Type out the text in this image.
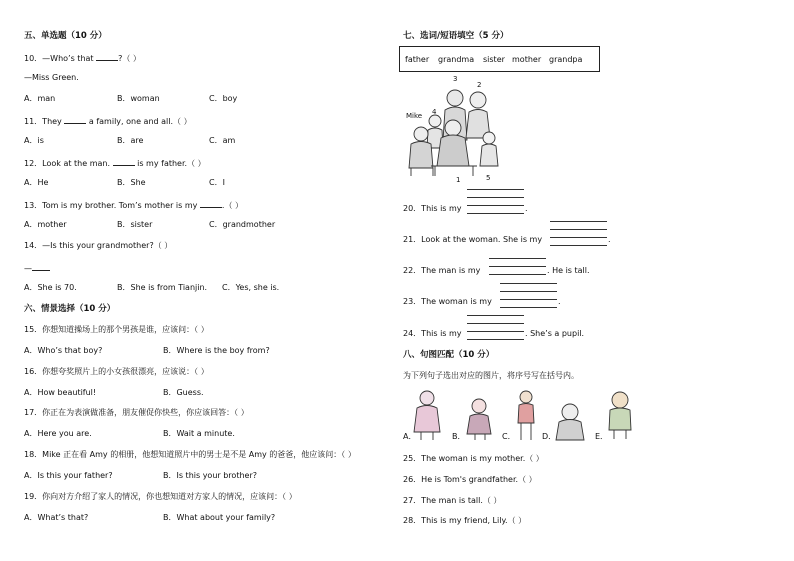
五、单选题（10 分）
10．—Who’s that	?（ ）
—Miss Green.
A．man	B．woman	C．boy
11．They	a family, one and all.（ ）
A．is	B．are	C．am
12．Look at the man.	is my father.（ ）
A．He	B．She	C．I
13．Tom is my brother. Tom’s mother is my	.（ ）
A．mother	B．sister	C．grandmother
14．—Is this your grandmother?（ ）
—
A．She is 70.	B．She is from Tianjin. C．Yes, she is.
六、情景选择（10 分）
15．你想知道操场上的那个男孩是谁，应该问：（ ）
A．Who’s that boy?	B．Where is the boy from?
16．你想夸奖照片上的小女孩很漂亮，应该说：（ ）
A．How beautiful!	B．Guess.
17．你正在为表演做准备，朋友催促你快些，你应该回答：（ ）
A．Here you are.	B．Wait a minute.
18．Mike 正在看 Amy 的相册，他想知道照片中的男士是不是 Amy 的爸爸，他应该问：（ ）
A．Is this your father?	B．Is this your brother?
19．你向对方介绍了家人的情况，你也想知道对方家人的情况，应该问：（ ）
A．What’s that?	B．What about your family?
七、选词/短语填空（5 分）
father grandma sister mother grandpa
3
2
4
Mike
1	5
20．This is my	.
21．Look at the woman. She is my	.
22．The man is my	. He is tall.
23．The woman is my	.
24．This is my	. She’s a pupil.
八、句图匹配（10 分）
为下列句子选出对应的图片，将序号写在括号内。
A．	B．	C．	D．	E．
25．The woman is my mother.（ ）
26．He is Tom's grandfather.（ ）
27．The man is tall.（ ）
28．This is my friend, Lily.（ ）
